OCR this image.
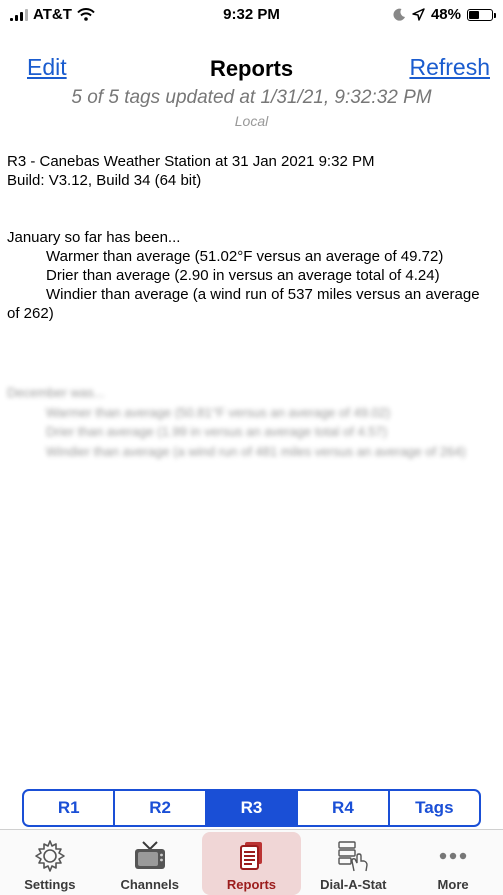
AT&T	9:32 PM	48%
Edit	Reports	Refresh
5 of 5 tags updated at 1/31/21, 9:32:32 PM
Local

R3 - Canebas Weather Station at 31 Jan 2021 9:32 PM

Build: V3.12, Build 34 (64 bit)

January so far has been...

Warmer than average (51.02°F versus an average of 49.72)

Drier than average (2.90 in versus an average total of 4.24)

Windier than average (a wind run of 537 miles versus an average of 262)

December was...

Warmer than average (50.81°F versus an average of 49.02)

Drier than average (1.99 in versus an average total of 4.57)

Windier than average (a wind run of 481 miles versus an average of 264)

R1	R2	R3	R4	Tags
Settings	Channels	Reports	Dial-A-Stat	More
